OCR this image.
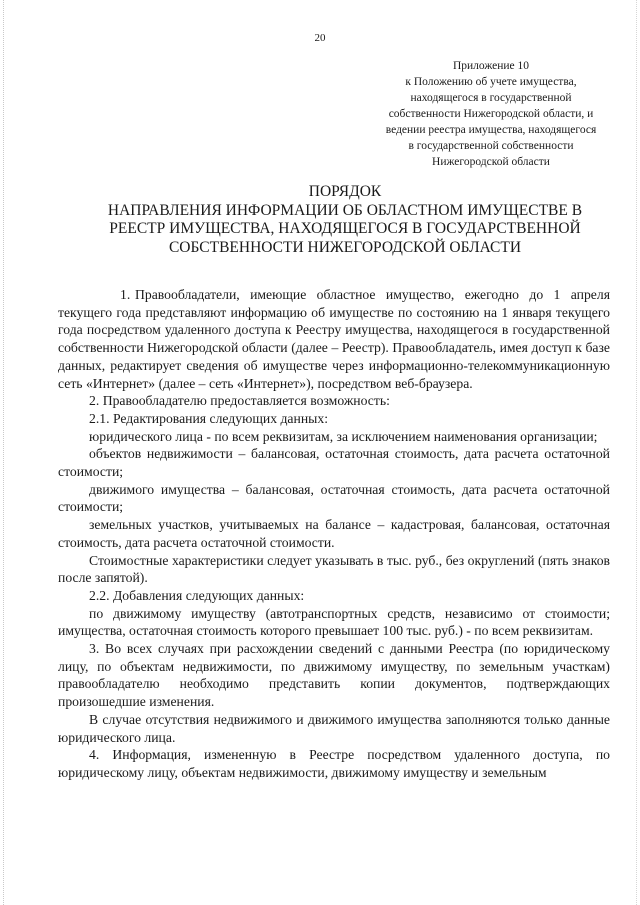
20
Приложение 10
к Положению об учете имущества,
находящегося в государственной
собственности Нижегородской области, и
ведении реестра имущества, находящегося
в государственной собственности
Нижегородской области
ПОРЯДОК
НАПРАВЛЕНИЯ ИНФОРМАЦИИ ОБ ОБЛАСТНОМ ИМУЩЕСТВЕ В
РЕЕСТР ИМУЩЕСТВА, НАХОДЯЩЕГОСЯ В ГОСУДАРСТВЕННОЙ
СОБСТВЕННОСТИ НИЖЕГОРОДСКОЙ ОБЛАСТИ

1. Правообладатели, имеющие областное имущество, ежегодно до 1 апреля текущего года представляют информацию об имуществе по состоянию на 1 января текущего года посредством удаленного доступа к Реестру имущества, находящегося в государственной собственности Нижегородской области (далее – Реестр). Правообладатель, имея доступ к базе данных, редактирует сведения об имуществе через информационно-телекоммуникационную сеть «Интернет» (далее – сеть «Интернет»), посредством веб-браузера.

2. Правообладателю предоставляется возможность:

2.1. Редактирования следующих данных:

юридического лица - по всем реквизитам, за исключением наименования организации;

объектов недвижимости – балансовая, остаточная стоимость, дата расчета остаточной стоимости;

движимого имущества – балансовая, остаточная стоимость, дата расчета остаточной стоимости;

земельных участков, учитываемых на балансе – кадастровая, балансовая, остаточная стоимость, дата расчета остаточной стоимости.

Стоимостные характеристики следует указывать в тыс. руб., без округлений (пять знаков после запятой).

2.2. Добавления следующих данных:

по движимому имуществу (автотранспортных средств, независимо от стоимости; имущества, остаточная стоимость которого превышает 100 тыс. руб.) - по всем реквизитам.

3. Во всех случаях при расхождении сведений с данными Реестра (по юридическому лицу, по объектам недвижимости, по движимому имуществу, по земельным участкам) правообладателю необходимо представить копии документов, подтверждающих произошедшие изменения.

В случае отсутствия недвижимого и движимого имущества заполняются только данные юридического лица.

4. Информация, измененную в Реестре посредством удаленного доступа, по юридическому лицу, объектам недвижимости, движимому имуществу и земельным
